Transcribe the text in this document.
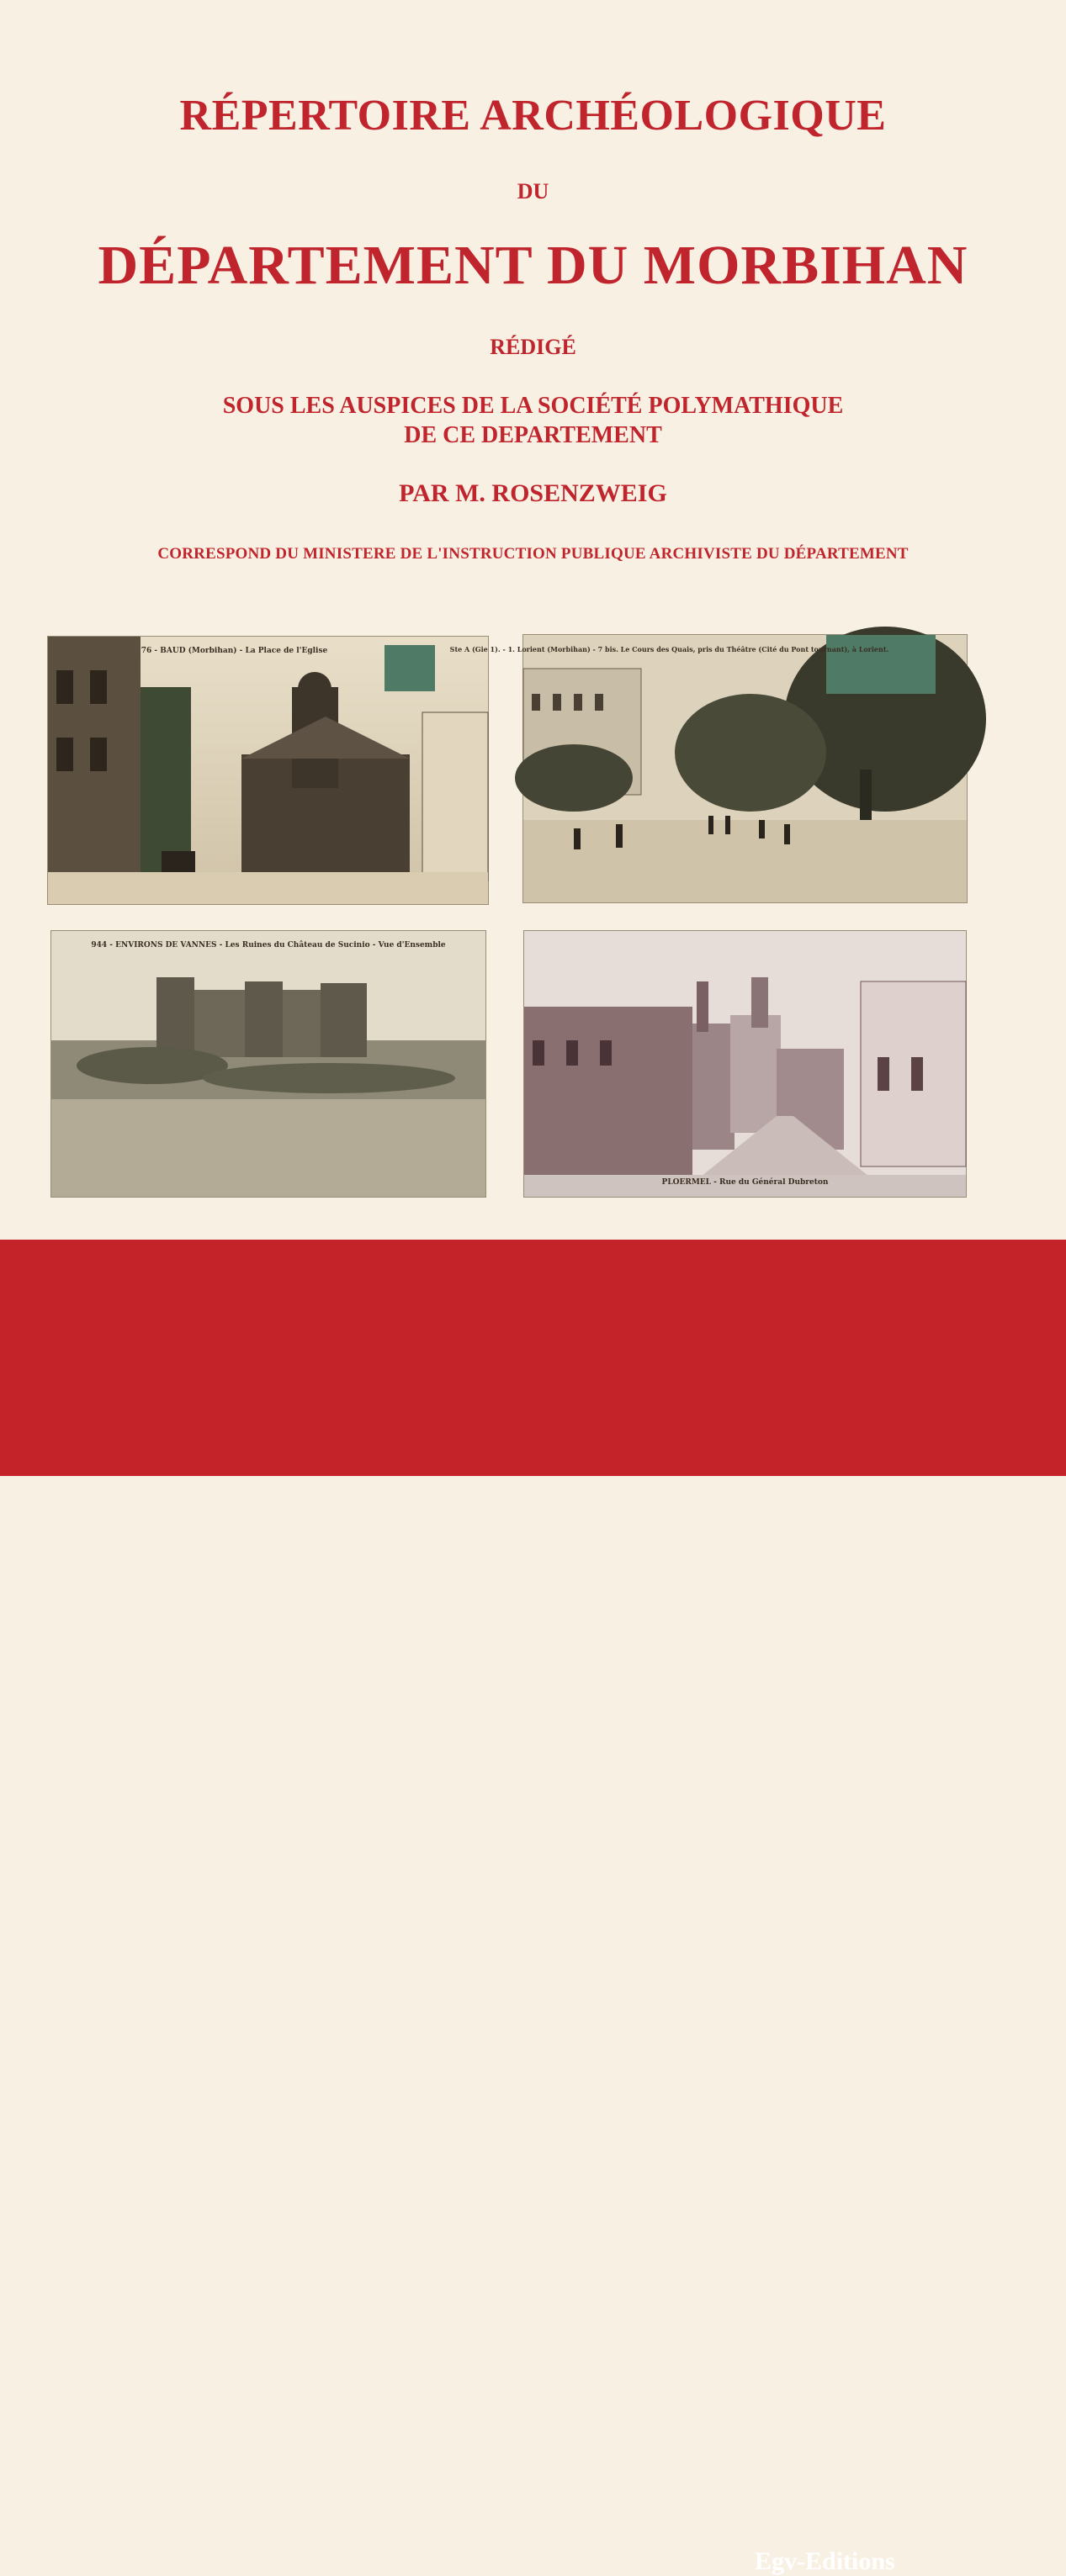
RÉPERTOIRE ARCHÉOLOGIQUE
DU
DÉPARTEMENT DU MORBIHAN
RÉDIGÉ
SOUS LES AUSPICES DE LA SOCIÉTÉ POLYMATHIQUE
DE CE DEPARTEMENT
PAR M. ROSENZWEIG
CORRESPOND DU MINISTERE DE L'INSTRUCTION PUBLIQUE ARCHIVISTE DU DÉPARTEMENT
76 - BAUD (Morbihan) - La Place de l'Eglise	Ste A (Gie 1). - 1. Lorient (Morbihan) - 7 bis. Le Cours des Quais, pris du Théâtre (Cité du Pont tournant), à Lorient.
944 - ENVIRONS DE VANNES - Les Ruines du Château de Sucinio - Vue d'Ensemble
PLOERMEL - Rue du Général Dubreton
Egv-Editions
